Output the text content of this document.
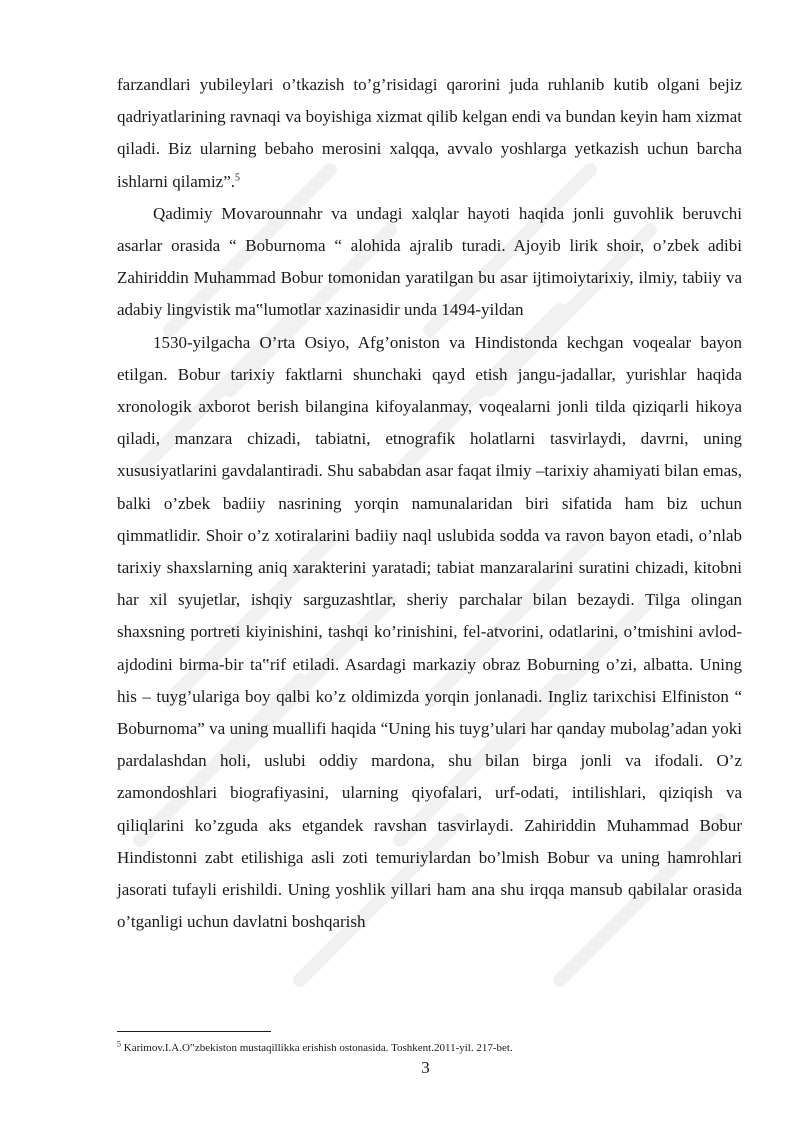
farzandlari yubileylari o’tkazish to’g’risidagi qarorini juda ruhlanib kutib olgani bejiz qadriyatlarining ravnaqi va boyishiga xizmat qilib kelgan endi va bundan keyin ham xizmat qiladi. Biz ularning bebaho merosini xalqqa, avvalo yoshlarga yetkazish uchun barcha ishlarni qilamiz”.$^5$

Qadimiy Movarounnahr va undagi xalqlar hayoti haqida jonli guvohlik beruvchi asarlar orasida “ Boburnoma “ alohida ajralib turadi. Ajoyib lirik shoir, o’zbek adibi Zahiriddin Muhammad Bobur tomonidan yaratilgan bu asar ijtimoiytarixiy, ilmiy, tabiiy va adabiy lingvistik ma‟lumotlar xazinasidir unda 1494-yildan

1530-yilgacha O’rta Osiyo, Afg’oniston va Hindistonda kechgan voqealar bayon etilgan. Bobur tarixiy faktlarni shunchaki qayd etish jangu-jadallar, yurishlar haqida xronologik axborot berish bilangina kifoyalanmay, voqealarni jonli tilda qiziqarli hikoya qiladi, manzara chizadi, tabiatni, etnografik holatlarni tasvirlaydi, davrni, uning xususiyatlarini gavdalantiradi. Shu sababdan asar faqat ilmiy –tarixiy ahamiyati bilan emas, balki o’zbek badiiy nasrining yorqin namunalaridan biri sifatida ham biz uchun qimmatlidir. Shoir o’z xotiralarini badiiy naql uslubida sodda va ravon bayon etadi, o’nlab tarixiy shaxslarning aniq xarakterini yaratadi; tabiat manzaralarini suratini chizadi, kitobni har xil syujetlar, ishqiy sarguzashtlar, sheriy parchalar bilan bezaydi. Tilga olingan shaxsning portreti kiyinishini, tashqi ko’rinishini, fel-atvorini, odatlarini, o’tmishini avlod-ajdodini birma-bir ta‟rif etiladi. Asardagi markaziy obraz Boburning o’zi, albatta. Uning his – tuyg’ulariga boy qalbi ko’z oldimizda yorqin jonlanadi. Ingliz tarixchisi Elfiniston “ Boburnoma” va uning muallifi haqida “Uning his tuyg’ulari har qanday mubolag’adan yoki pardalashdan holi, uslubi oddiy mardona, shu bilan birga jonli va ifodali. O’z zamondoshlari biografiyasini, ularning qiyofalari, urf-odati, intilishlari, qiziqish va qiliqlarini ko’zguda aks etgandek ravshan tasvirlaydi. Zahiriddin Muhammad Bobur Hindistonni zabt etilishiga asli zoti temuriylardan bo’lmish Bobur va uning hamrohlari jasorati tufayli erishildi. Uning yoshlik yillari ham ana shu irqqa mansub qabilalar orasida o’tganligi uchun davlatni boshqarish

$^5$ Karimov.I.A.O‟zbekiston mustaqillikka erishish ostonasida. Toshkent.2011-yil. 217-bet.
3
